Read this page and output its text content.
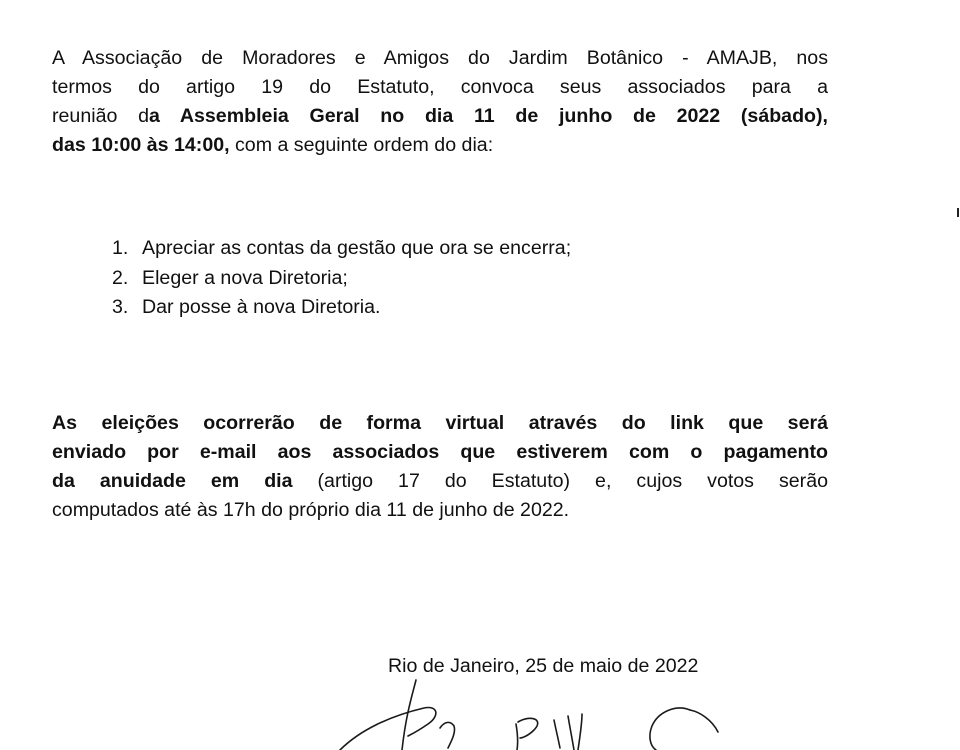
A Associação de Moradores e Amigos do Jardim Botânico - AMAJB, nos
termos do artigo 19 do Estatuto, convoca seus associados para a
reunião da Assembleia Geral no dia 11 de junho de 2022 (sábado),
das 10:00 às 14:00, com a seguinte ordem do dia:

1. Apreciar as contas da gestão que ora se encerra;
2. Eleger a nova Diretoria;
3. Dar posse à nova Diretoria.

As eleições ocorrerão de forma virtual através do link que será
enviado por e-mail aos associados que estiverem com o pagamento
da anuidade em dia (artigo 17 do Estatuto) e, cujos votos serão
computados até às 17h do próprio dia 11 de junho de 2022.

Rio de Janeiro, 25 de maio de 2022
